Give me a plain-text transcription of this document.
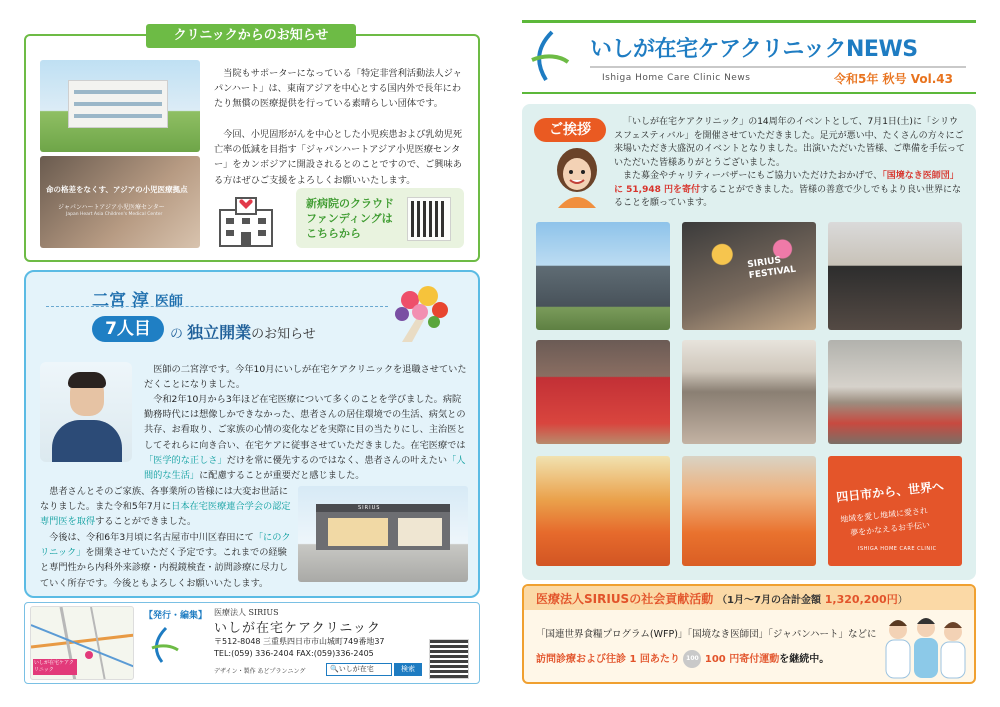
クリニックからのお知らせ
命の格差をなくす、アジアの小児医療拠点
ジャパンハートアジア小児医療センター
Japan Heart Asia Children's Medical Center
当院もサポーターになっている「特定非営利活動法人ジャパンハート」は、東南アジアを中心とする国内外で長年にわたり無償の医療提供を行っている素晴らしい団体です。
今回、小児固形がんを中心とした小児疾患および乳幼児死亡率の低減を目指す「ジャパンハートアジア小児医療センター」をカンボジアに開設されるとのことですので、ご興味ある方はぜひご支援をよろしくお願いいたします。
新病院のクラウドファンディングはこちらから
二宮 淳 医師
7人目	の 独立開業のお知らせ
医師の二宮淳です。今年10月にいしが在宅ケアクリニックを退職させていただくことになりました。
令和2年10月から3年ほど在宅医療について多くのことを学びました。病院勤務時代には想像しかできなかった、患者さんの居住環境での生活、病気との共存、お看取り、ご家族の心情の変化などを実際に目の当たりにし、主治医としてそれらに向き合い、在宅ケアに従事させていただきました。在宅医療では「医学的な正しさ」だけを常に優先するのではなく、患者さんの叶えたい「人間的な生活」に配慮することが重要だと感じました。
患者さんとそのご家族、各事業所の皆様には大変お世話になりました。また令和5年7月に日本在宅医療連合学会の認定専門医を取得することができました。
今後は、令和6年3月頃に名古屋市中川区春田にて「にのクリニック」を開業させていただく予定です。これまでの経験と専門性から内科外来診療・内視鏡検査・訪問診療に尽力していく所存です。今後ともよろしくお願いいたします。
SIRIUS
いしが在宅ケアクリニック
【発行・編集】 医療法人 SIRIUS
いしが在宅ケアクリニック
〒512-8048 三重県四日市市山城町749番地37
TEL:(059) 336-2404 FAX:(059)336-2405
デザイン・製作 あどプランニング	🔍いしが在宅	検索
いしが在宅ケアクリニックNEWS
Ishiga Home Care Clinic News	令和5年 秋号 Vol.43
ご挨拶	「いしが在宅ケアクリニック」の14周年のイベントとして、7月1日(土)に「シリウスフェスティバル」を開催させていただきました。足元が悪い中、たくさんの方々にご来場いただき大盛況のイベントとなりました。出演いただいた皆様、ご準備を手伝っていただいた皆様ありがとうございました。
また募金やチャリティーバザーにもご協力いただけたおかげで、「国境なき医師団」に 51,948 円を寄付することができました。皆様の善意で少しでもより良い世界になることを願っています。
SIRIUS FESTIVAL
四日市から、世界へ
地域を愛し地域に愛され
夢をかなえるお手伝い
ISHIGA HOME CARE CLINIC
医療法人SIRIUSの社会貢献活動 （1月〜7月の合計金額 1,320,200円）
「国連世界食糧プログラム(WFP)」「国境なき医師団」「ジャパンハート」などに
訪問診療および往診 1 回あたり 100 100 円寄付運動を継続中。
